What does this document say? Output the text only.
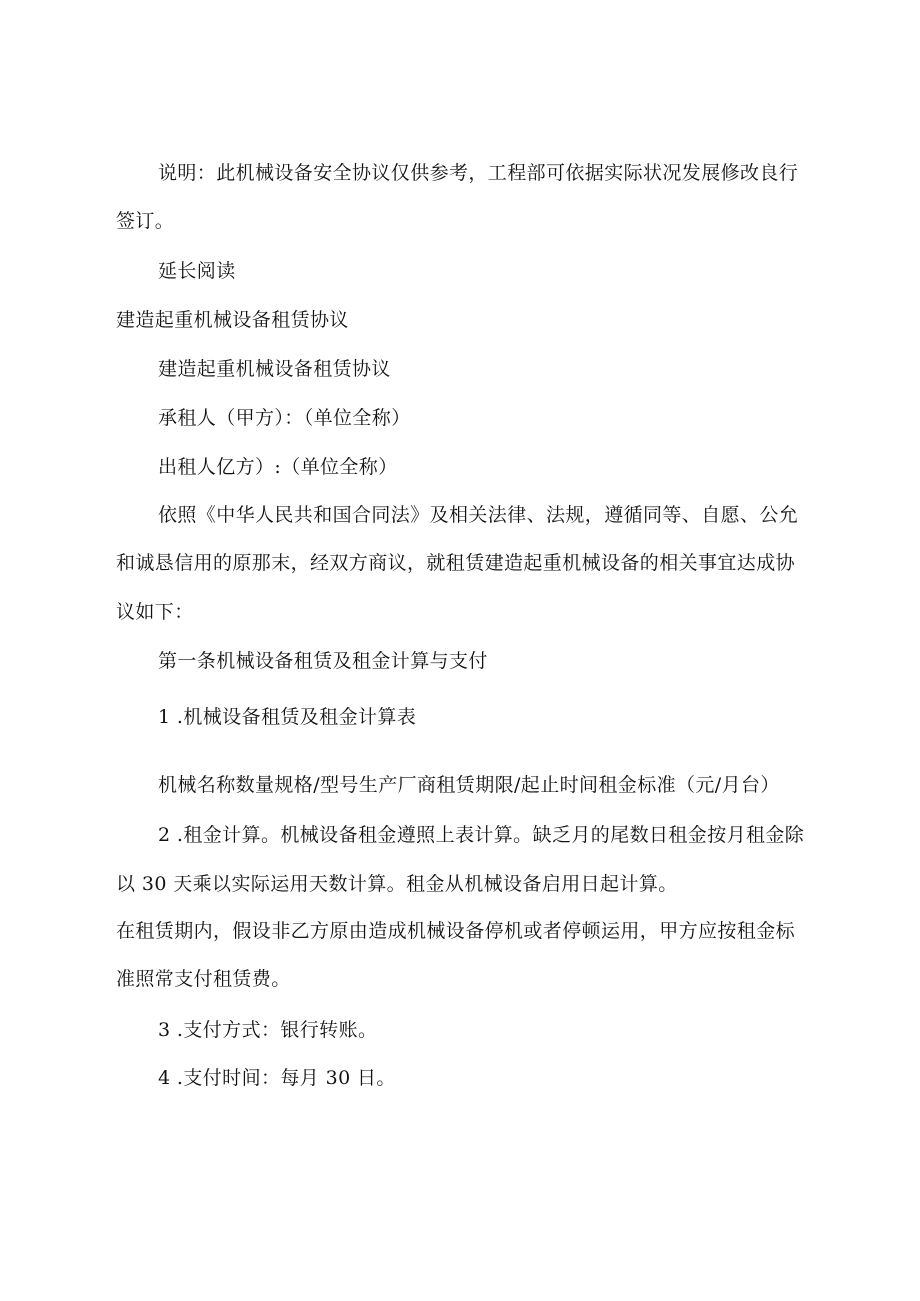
说明：此机械设备安全协议仅供参考，工程部可依据实际状况发展修改良行
签订。
延长阅读
建造起重机械设备租赁协议
建造起重机械设备租赁协议
承租人（甲方）：（单位全称）
出租人亿方）:（单位全称）
依照《中华人民共和国合同法》及相关法律、法规，遵循同等、自愿、公允
和诚恳信用的原那末，经双方商议，就租赁建造起重机械设备的相关事宜达成协
议如下：
第一条机械设备租赁及租金计算与支付
1 .机械设备租赁及租金计算表
机械名称数量规格/型号生产厂商租赁期限/起止时间租金标准（元/月台）
2 .租金计算。机械设备租金遵照上表计算。缺乏月的尾数日租金按月租金除
以 30 天乘以实际运用天数计算。租金从机械设备启用日起计算。
在租赁期内，假设非乙方原由造成机械设备停机或者停顿运用，甲方应按租金标
准照常支付租赁费。
3 .支付方式：银行转账。
4 .支付时间：每月 30 日。
